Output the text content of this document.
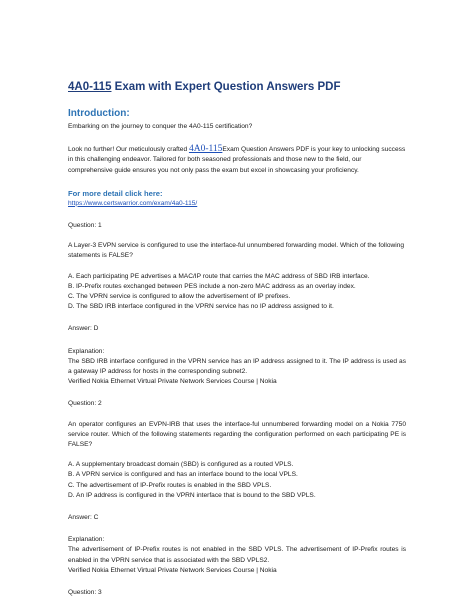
4A0-115 Exam with Expert Question Answers PDF
Introduction:

Embarking on the journey to conquer the 4A0-115 certification?

Look no further! Our meticulously crafted 4A0-115Exam Question Answers PDF is your key to unlocking success in this challenging endeavor. Tailored for both seasoned professionals and those new to the field, our comprehensive guide ensures you not only pass the exam but excel in showcasing your proficiency.

For more detail click here:

https://www.certswarrior.com/exam/4a0-115/

Question: 1

A Layer-3 EVPN service is configured to use the interface-ful unnumbered forwarding model. Which of the following statements is FALSE?

A. Each participating PE advertises a MAC/IP route that carries the MAC address of SBD IRB interface.

B. IP-Prefix routes exchanged between PES include a non-zero MAC address as an overlay index.

C. The VPRN service is configured to allow the advertisement of IP prefixes.

D. The SBD IRB interface configured in the VPRN service has no IP address assigned to it.

Answer: D

Explanation:

The SBD IRB interface configured in the VPRN service has an IP address assigned to it. The IP address is used as a gateway IP address for hosts in the corresponding subnet2.

Verified Nokia Ethernet Virtual Private Network Services Course | Nokia

Question: 2

An operator configures an EVPN-IRB that uses the interface-ful unnumbered forwarding model on a Nokia 7750 service router. Which of the following statements regarding the configuration performed on each participating PE is FALSE?

A. A supplementary broadcast domain (SBD) is configured as a routed VPLS.

B. A VPRN service is configured and has an interface bound to the local VPLS.

C. The advertisement of IP-Prefix routes is enabled in the SBD VPLS.

D. An IP address is configured in the VPRN interface that is bound to the SBD VPLS.

Answer: C

Explanation:

The advertisement of IP-Prefix routes is not enabled in the SBD VPLS. The advertisement of IP-Prefix routes is enabled in the VPRN service that is associated with the SBD VPLS2.

Verified Nokia Ethernet Virtual Private Network Services Course | Nokia

Question: 3
